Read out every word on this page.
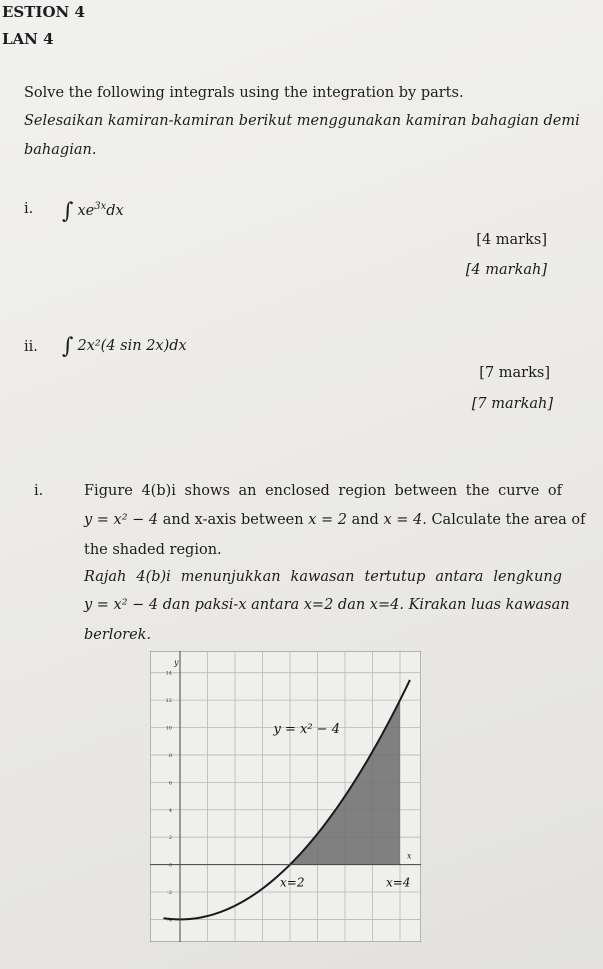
ESTION 4
LAN 4
Solve the following integrals using the integration by parts.
Selesaikan kamiran-kamiran berikut menggunakan kamiran bahagian demi
bahagian.
i. ∫ $xe^{3x}dx$
[4 marks]
[4 markah]
ii. ∫ 2x²(4 sin 2x)dx
[7 marks]
[7 markah]
i.	Figure 4(b)i shows an enclosed region between the curve of
y = x² − 4 and x-axis between x = 2 and x = 4. Calculate the area of
the shaded region.
Rajah 4(b)i menunjukkan kawasan tertutup antara lengkung
y = x² − 4 dan paksi-x antara x=2 dan x=4. Kirakan luas kawasan
berlorek.
14
12
10
8
6
4
2
0
-2
-4
y
x
y = x² − 4
x=2	x=4
